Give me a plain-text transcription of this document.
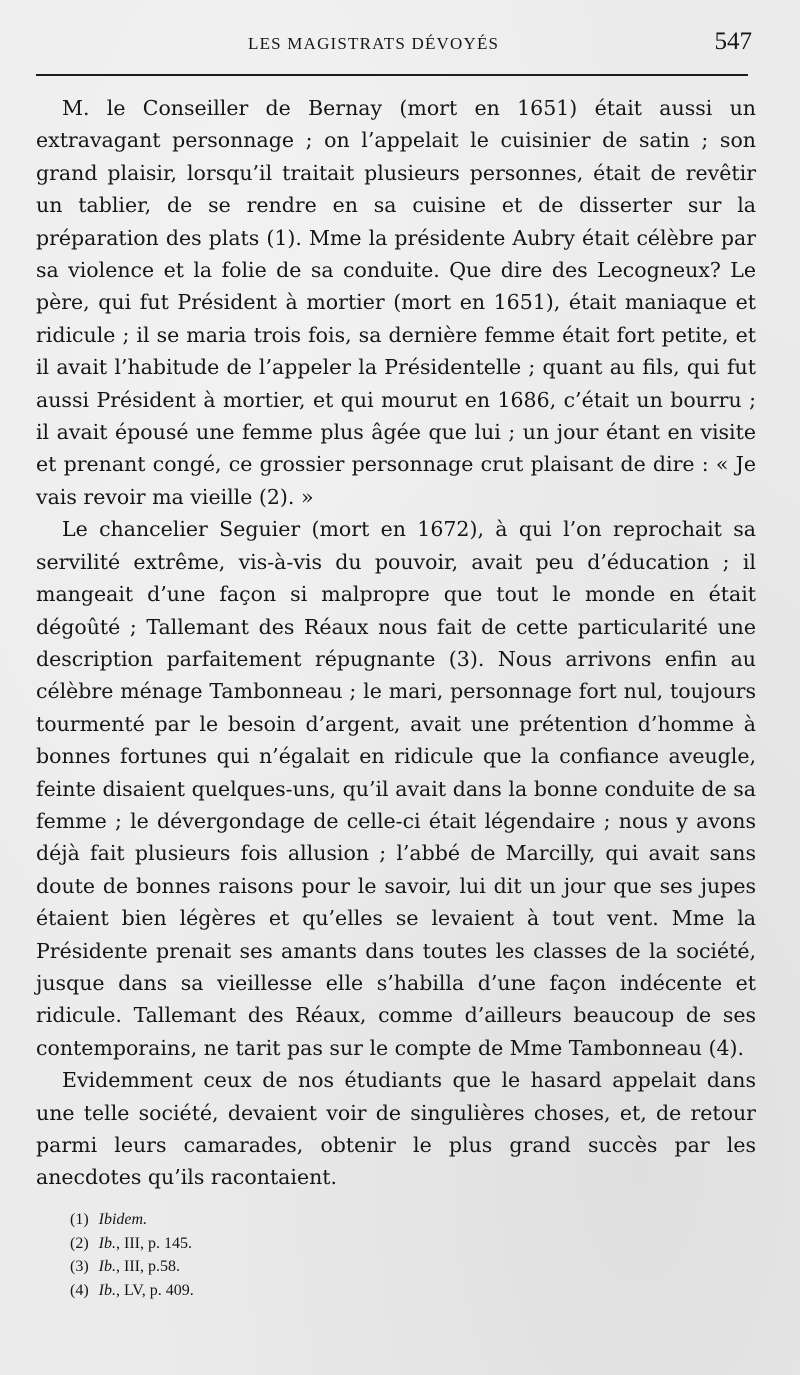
LES MAGISTRATS DÉVOYÉS	547

M. le Conseiller de Bernay (mort en 1651) était aussi un extravagant personnage ; on l’appelait le cuisinier de satin ; son grand plaisir, lorsqu’il traitait plusieurs personnes, était de revêtir un tablier, de se rendre en sa cuisine et de disserter sur la préparation des plats (1). Mme la présidente Aubry était célèbre par sa violence et la folie de sa conduite. Que dire des Lecogneux? Le père, qui fut Président à mortier (mort en 1651), était maniaque et ridicule ; il se maria trois fois, sa dernière femme était fort petite, et il avait l’habitude de l’appeler la Présidentelle ; quant au fils, qui fut aussi Président à mortier, et qui mourut en 1686, c’était un bourru ; il avait épousé une femme plus âgée que lui ; un jour étant en visite et prenant congé, ce grossier personnage crut plaisant de dire : « Je vais revoir ma vieille (2). »

Le chancelier Seguier (mort en 1672), à qui l’on reprochait sa servilité extrême, vis-à-vis du pouvoir, avait peu d’éducation ; il mangeait d’une façon si malpropre que tout le monde en était dégoûté ; Tallemant des Réaux nous fait de cette particularité une description parfaitement répugnante (3). Nous arrivons enfin au célèbre ménage Tambonneau ; le mari, personnage fort nul, toujours tourmenté par le besoin d’argent, avait une prétention d’homme à bonnes fortunes qui n’égalait en ridicule que la confiance aveugle, feinte disaient quelques-uns, qu’il avait dans la bonne conduite de sa femme ; le dévergondage de celle-ci était légendaire ; nous y avons déjà fait plusieurs fois allusion ; l’abbé de Marcilly, qui avait sans doute de bonnes raisons pour le savoir, lui dit un jour que ses jupes étaient bien légères et qu’elles se levaient à tout vent. Mme la Présidente prenait ses amants dans toutes les classes de la société, jusque dans sa vieillesse elle s’habilla d’une façon indécente et ridicule. Tallemant des Réaux, comme d’ailleurs beaucoup de ses contemporains, ne tarit pas sur le compte de Mme Tambonneau (4).

Evidemment ceux de nos étudiants que le hasard appelait dans une telle société, devaient voir de singulières choses, et, de retour parmi leurs camarades, obtenir le plus grand succès par les anecdotes qu’ils racontaient.

(1) Ibidem.
(2) Ib., III, p. 145.
(3) Ib., III, p.58.
(4) Ib., LV, p. 409.
